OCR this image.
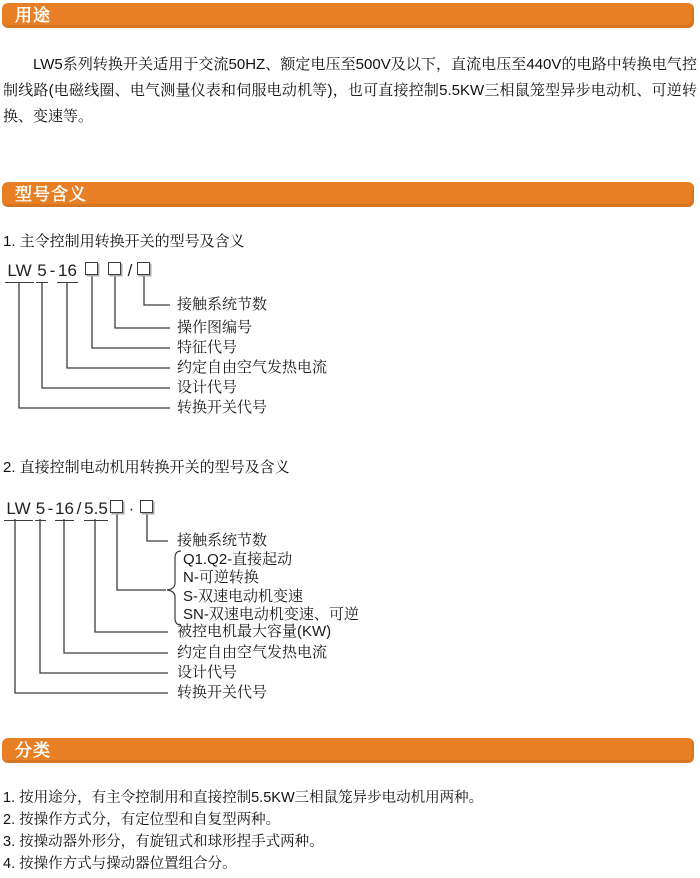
用途
LW5系列转换开关适用于交流50HZ、额定电压至500V及以下，直流电压至440V的电路中转换电气控制线路(电磁线圈、电气测量仪表和伺服电动机等)，也可直接控制5.5KW三相鼠笼型异步电动机、可逆转换、变速等。
型号含义
1. 主令控制用转换开关的型号及含义
LW 5 - 16	/
接触系统节数
操作图编号
特征代号
约定自由空气发热电流
设计代号
转换开关代号
2. 直接控制电动机用转换开关的型号及含义
LW 5 - 16 / 5.5 ·
接触系统节数
Q1.Q2-直接起动
N-可逆转换
S-双速电动机变速
SN-双速电动机变速、可逆
被控电机最大容量(KW)
约定自由空气发热电流
设计代号
转换开关代号
分类
1. 按用途分，有主令控制用和直接控制5.5KW三相鼠笼异步电动机用两种。
2. 按操作方式分，有定位型和自复型两种。
3. 按操动器外形分，有旋钮式和球形捏手式两种。
4. 按操作方式与操动器位置组合分。
